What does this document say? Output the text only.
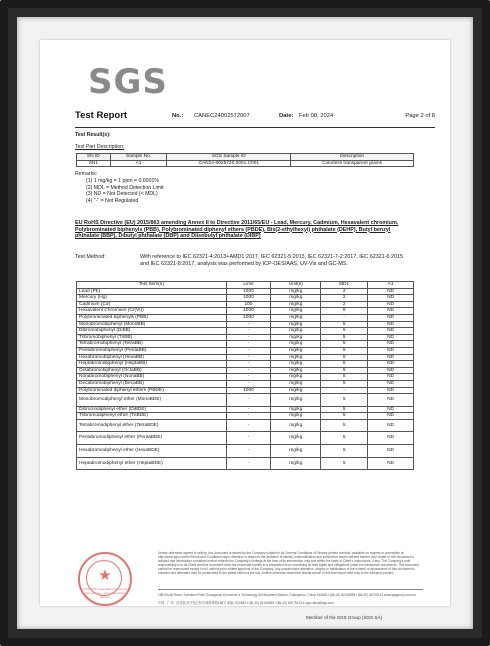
SGS
Test Report	No.: CANEC24002572007	Date: Feb 08, 2024	Page 2 of 8
Test Result(s):
Test Part Description:
SN ID	Sample No.	SGS Sample ID	Description
SN1	A1	CAN24-0025720.0001.C001	Colorless transparent grains
Remarks:
(1) 1 mg/kg = 1 ppm = 0.0001%
(2) MDL = Method Detection Limit
(3) ND = Not Detected (< MDL)
(4) "-" = Not Regulated
EU RoHS Directive (EU) 2015/863 amending Annex II to Directive 2011/65/EU - Lead, Mercury, Cadmium, Hexavalent chromium, Polybrominated biphenyls (PBB), Polybrominated diphenyl ethers (PBDE), Bis(2-ethylhexyl) phthalate (DEHP), Butyl benzyl phthalate (BBP), Dibutyl phthalate (DBP) and Diisobutyl phthalate (DIBP)
Test Method:	With reference to IEC 62321-4:2013+AMD1:2017, IEC 62321-5:2013, IEC 62321-7-2:2017, IEC 62321-6:2015 and IEC 62321-8:2017, analysis was performed by ICP-OES/AAS, UV-Vis and GC-MS.
Test Item(s)	Limit	Unit(s)	MDL	A1
Lead (Pb)	1000	mg/kg	2	ND
Mercury (Hg)	1000	mg/kg	2	ND
Cadmium (Cd)	100	mg/kg	2	ND
Hexavalent Chromium (Cr(VI))	1000	mg/kg	8	ND
Polybrominated biphenyls (PBB)	1000	mg/kg	-	ND
Monobromobiphenyl (MonoBB)	-	mg/kg	5	ND
Dibromobiphenyl (DiBB)	-	mg/kg	5	ND
Tribromobiphenyl (TriBB)	-	mg/kg	5	ND
Tetrabromobiphenyl (TetraBB)	-	mg/kg	5	ND
Pentabromobiphenyl (PentaBB)	-	mg/kg	5	ND
Hexabromobiphenyl (HexaBB)	-	mg/kg	5	ND
Heptabromobiphenyl (HeptaBB)	-	mg/kg	5	ND
Octabromobiphenyl (OctaBB)	-	mg/kg	5	ND
Nonabromobiphenyl (NonaBB)	-	mg/kg	5	ND
Decabromobiphenyl (DecaBB)	-	mg/kg	5	ND
Polybrominated diphenyl ethers (PBDE)	1000	mg/kg	-	ND
Monobromodiphenyl ether (MonoBDE)	-	mg/kg	5	ND
Dibromodiphenyl ether (DiBDE)	-	mg/kg	5	ND
Tribromodiphenyl ether (TriBDE)	-	mg/kg	5	ND
Tetrabromodiphenyl ether (TetraBDE)	-	mg/kg	5	ND
Pentabromodiphenyl ether (PentaBDE)	-	mg/kg	5	ND
Hexabromodiphenyl ether (HexaBDE)	-	mg/kg	5	ND
Heptabromodiphenyl ether (HeptaBDE)	-	mg/kg	5	ND
★
SGS-CSTC Standards Technical Services Co., Ltd. Guangzhou Branch
Unless otherwise agreed in writing, this document is issued by the Company subject to its General Conditions of Service printed overleaf, available on request or accessible at http://www.sgs.com/en/Terms-and-Conditions.aspx. Attention is drawn to the limitation of liability, indemnification and jurisdiction issues defined therein. Any holder of this document is advised that information contained hereon reflects the Company's findings at the time of its intervention only and within the limits of Client's instructions, if any. The Company's sole responsibility is to its Client and this document does not exonerate parties to a transaction from exercising all their rights and obligations under the transaction documents. This document cannot be reproduced except in full, without prior written approval of the Company. Any unauthorized alteration, forgery or falsification of the content or appearance of this document is unlawful and offenders may be prosecuted to the fullest extent of the law. Unless otherwise stated the results shown in this test report refer only to the sample(s) tested.
198 Kezhu Road, Scientech Park Guangzhou Economic & Technology Development District, Guangzhou, China 510663 t (86-20) 82155555 f (86-20) 82075113 www.sgsgroup.com.cn
中国 · 广州 · 经济技术开发区科学城科珠路198号 邮编: 510663 t (86-20) 82155555 f (86-20) 82075113 e sgs.china@sgs.com
Member of the SGS Group (SGS SA)
